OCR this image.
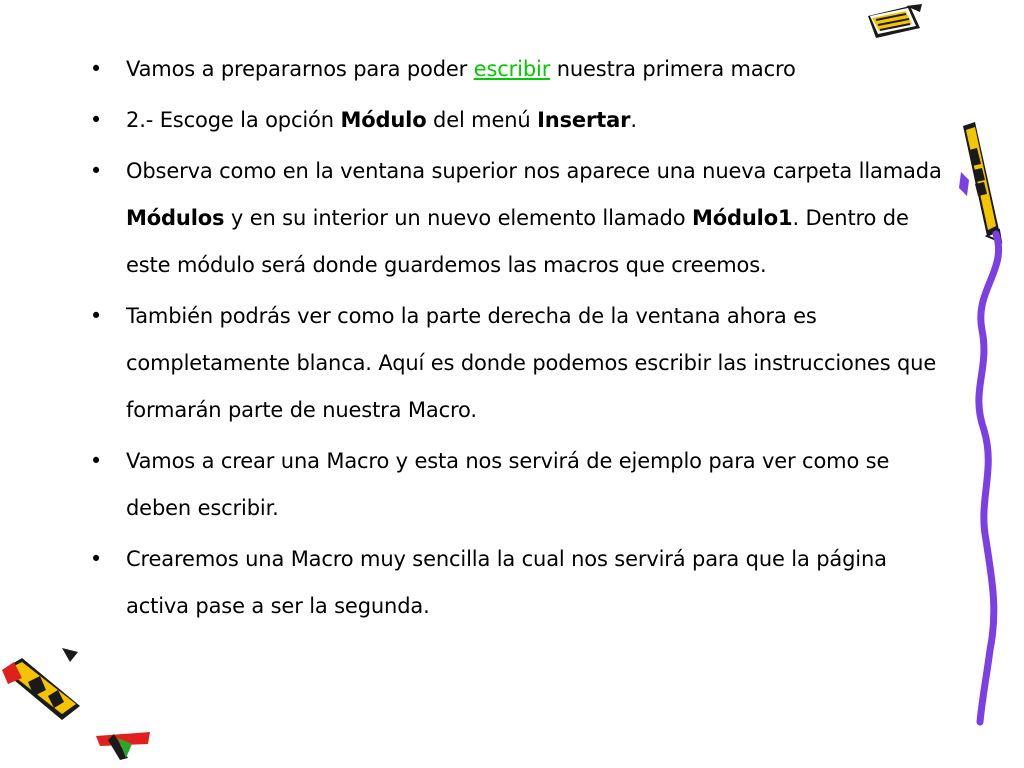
• Vamos a prepararnos para poder escribir nuestra primera macro
• 2.- Escoge la opción Módulo del menú Insertar.
• Observa como en la ventana superior nos aparece una nueva carpeta llamada Módulos y en su interior un nuevo elemento llamado Módulo1. Dentro de este módulo será donde guardemos las macros que creemos.
• También podrás ver como la parte derecha de la ventana ahora es completamente blanca. Aquí es donde podemos escribir las instrucciones que formarán parte de nuestra Macro.
• Vamos a crear una Macro y esta nos servirá de ejemplo para ver como se deben escribir.
• Crearemos una Macro muy sencilla la cual nos servirá para que la página activa pase a ser la segunda.
